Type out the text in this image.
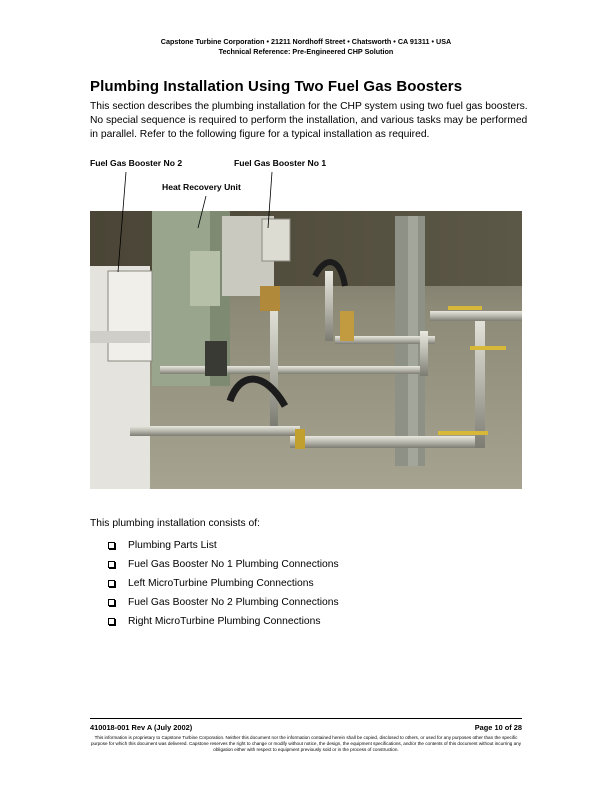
Capstone Turbine Corporation • 21211 Nordhoff Street • Chatsworth • CA 91311 • USA
Technical Reference: Pre-Engineered CHP Solution
Plumbing Installation Using Two Fuel Gas Boosters

This section describes the plumbing installation for the CHP system using two fuel gas boosters. No special sequence is required to perform the installation, and various tasks may be performed in parallel. Refer to the following figure for a typical installation as required.

Fuel Gas Booster No 2	Fuel Gas Booster No 1
Heat Recovery Unit

This plumbing installation consists of:

Plumbing Parts List
Fuel Gas Booster No 1 Plumbing Connections
Left MicroTurbine Plumbing Connections
Fuel Gas Booster No 2 Plumbing Connections
Right MicroTurbine Plumbing Connections
410018-001 Rev A (July 2002)	Page 10 of 28
This information is proprietary to Capstone Turbine Corporation. Neither this document nor the information contained herein shall be copied, disclosed to others, or used for any purposes other than the specific purpose for which this document was delivered. Capstone reserves the right to change or modify without notice, the design, the equipment specifications, and/or the contents of this document without incurring any obligation either with respect to equipment previously sold or in the process of construction.
